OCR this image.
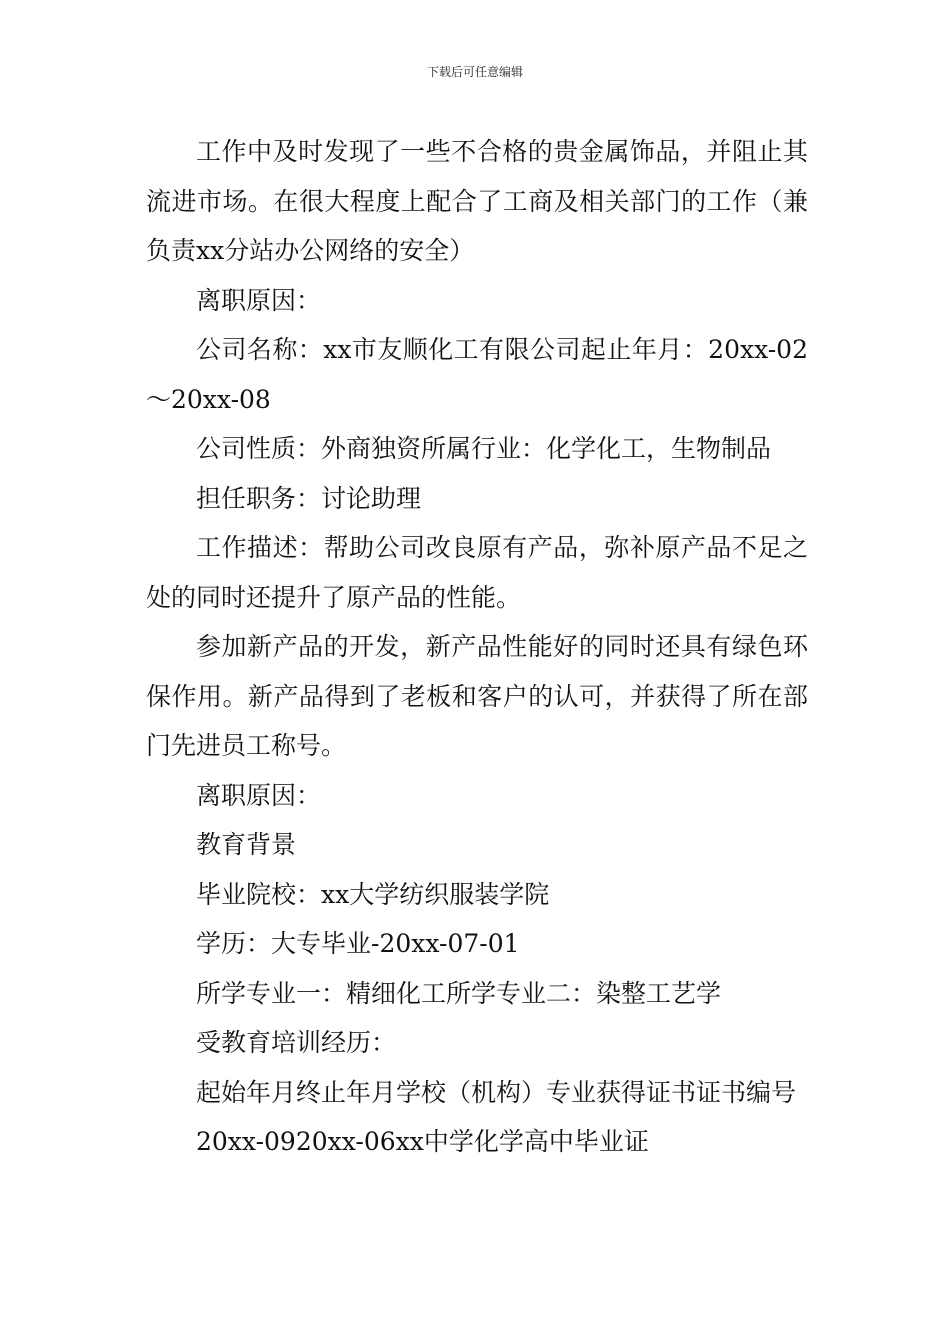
下载后可任意编辑

工作中及时发现了一些不合格的贵金属饰品，并阻止其流进市场。在很大程度上配合了工商及相关部门的工作（兼负责xx分站办公网络的安全）

离职原因：

公司名称：xx市友顺化工有限公司起止年月：20xx-02～20xx-08

公司性质：外商独资所属行业：化学化工，生物制品

担任职务：讨论助理

工作描述：帮助公司改良原有产品，弥补原产品不足之处的同时还提升了原产品的性能。

参加新产品的开发，新产品性能好的同时还具有绿色环保作用。新产品得到了老板和客户的认可，并获得了所在部门先进员工称号。

离职原因：

教育背景

毕业院校：xx大学纺织服装学院

学历：大专毕业-20xx-07-01

所学专业一：精细化工所学专业二：染整工艺学

受教育培训经历：

起始年月终止年月学校（机构）专业获得证书证书编号

20xx-0920xx-06xx中学化学高中毕业证
